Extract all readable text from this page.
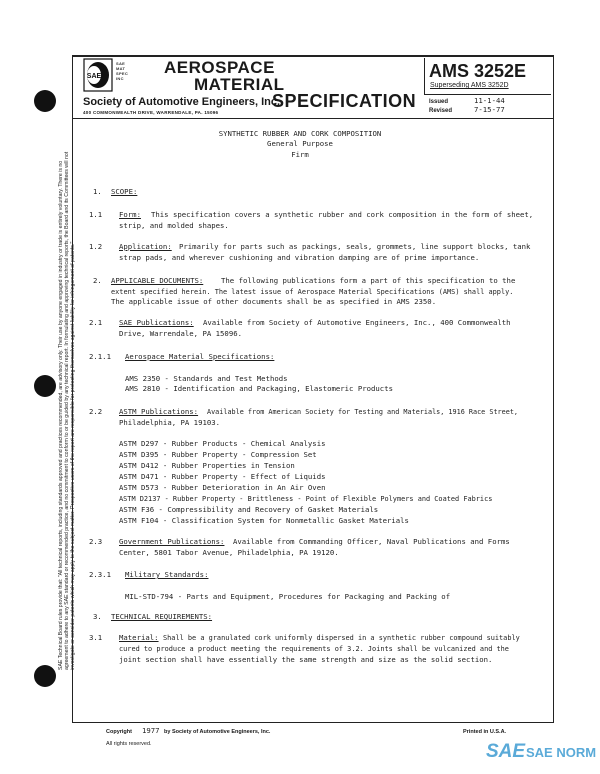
SAE Technical Board rules provide that: "All technical reports, including standards approved and practices recommended, are advisory only. Their use by anyone engaged in industry or trade is entirely voluntary. There is no agreement to adhere to any SAE standard or recommended practice, and no commitment to conform to or be guided by any technical report. In formulating and approving technical reports, the Board and its Committees will not investigate or consider patents which may apply to the subject matter. Prospective users of the report are responsible for protecting themselves against liability for infringement of patents."
SAE
SAE
MAT
SPEC
INC
AEROSPACE
MATERIAL
SPECIFICATION
Society of Automotive Engineers, Inc.
400 COMMONWEALTH DRIVE, WARRENDALE, PA. 15096
AMS 3252E
Superseding AMS 3252D
Issued	11-1-44
Revised	7-15-77
SYNTHETIC RUBBER AND CORK COMPOSITION
General Purpose
Firm
1. SCOPE:
1.1 Form: This specification covers a synthetic rubber and cork composition in the form of sheet,
strip, and molded shapes.
1.2 Application: Primarily for parts such as packings, seals, grommets, line support blocks, tank
strap pads, and wherever cushioning and vibration damping are of prime importance.
2. APPLICABLE DOCUMENTS: The following publications form a part of this specification to the
extent specified herein. The latest issue of Aerospace Material Specifications (AMS) shall apply.
The applicable issue of other documents shall be as specified in AMS 2350.
2.1 SAE Publications: Available from Society of Automotive Engineers, Inc., 400 Commonwealth
Drive, Warrendale, PA 15096.
2.1.1 Aerospace Material Specifications:
AMS 2350 - Standards and Test Methods
AMS 2810 - Identification and Packaging, Elastomeric Products
2.2 ASTM Publications: Available from American Society for Testing and Materials, 1916 Race Street,
Philadelphia, PA 19103.
ASTM D297 - Rubber Products - Chemical Analysis
ASTM D395 - Rubber Property - Compression Set
ASTM D412 - Rubber Properties in Tension
ASTM D471 - Rubber Property - Effect of Liquids
ASTM D573 - Rubber Deterioration in An Air Oven
ASTM D2137 - Rubber Property - Brittleness - Point of Flexible Polymers and Coated Fabrics
ASTM F36 - Compressibility and Recovery of Gasket Materials
ASTM F104 - Classification System for Nonmetallic Gasket Materials
2.3 Government Publications: Available from Commanding Officer, Naval Publications and Forms
Center, 5801 Tabor Avenue, Philadelphia, PA 19120.
2.3.1 Military Standards:
MIL-STD-794 - Parts and Equipment, Procedures for Packaging and Packing of
3. TECHNICAL REQUIREMENTS:
3.1 Material: Shall be a granulated cork uniformly dispersed in a synthetic rubber compound suitably
cured to produce a product meeting the requirements of 3.2. Joints shall be vulcanized and the
joint section shall have essentially the same strength and size as the solid section.
Copyright 1977 by Society of Automotive Engineers, Inc.
All rights reserved.
Printed in U.S.A.
SAE SAE NORM
